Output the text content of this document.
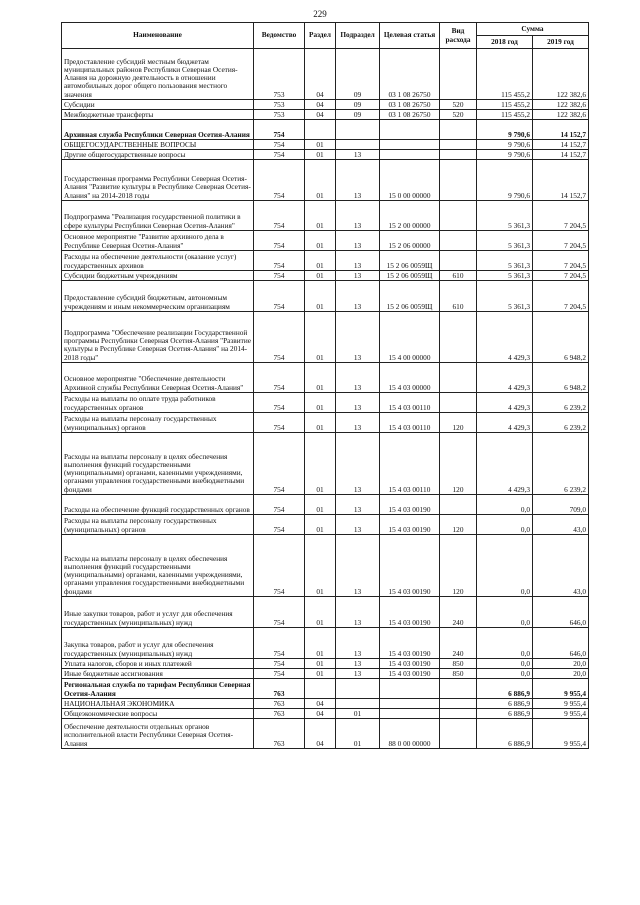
229
Наименование	Ведомство	Раздел	Подраздел	Целевая статья	Вид расхода	Сумма	
						2018 год	2019 год
Предоставление субсидий местным бюджетам муниципальных районов Республики Северная Осетия-Алания на дорожную деятельность в отношении автомобильных дорог общего пользования местного значения	753	04	09	03 1 08 26750		115 455,2	122 382,6
Субсидии	753	04	09	03 1 08 26750	520	115 455,2	122 382,6
Межбюджетные трансферты	753	04	09	03 1 08 26750	520	115 455,2	122 382,6
Архивная служба Республики Северная Осетия-Алания	754					9 790,6	14 152,7
ОБЩЕГОСУДАРСТВЕННЫЕ ВОПРОСЫ	754	01				9 790,6	14 152,7
Другие общегосударственные вопросы	754	01	13			9 790,6	14 152,7
Государственная программа Республики Северная Осетия-Алания "Развитие культуры в Республике Северная Осетия-Алания" на 2014-2018 годы	754	01	13	15 0 00 00000		9 790,6	14 152,7
Подпрограмма "Реализация государственной политики в сфере культуры Республики Северная Осетия-Алания"	754	01	13	15 2 00 00000		5 361,3	7 204,5
Основное мероприятие "Развитие архивного дела в Республике Северная Осетия-Алания"	754	01	13	15 2 06 00000		5 361,3	7 204,5
Расходы на обеспечение деятельности (оказание услуг) государственных архивов	754	01	13	15 2 06 0059Щ		5 361,3	7 204,5
Субсидии бюджетным учреждениям	754	01	13	15 2 06 0059Щ	610	5 361,3	7 204,5
Предоставление субсидий бюджетным, автономным учреждениям и иным некоммерческим организациям	754	01	13	15 2 06 0059Щ	610	5 361,3	7 204,5
Подпрограмма "Обеспечение реализации Государственной программы Республики Северная Осетия-Алания "Развитие культуры в Республике Северная Осетия-Алания" на 2014-2018 годы"	754	01	13	15 4 00 00000		4 429,3	6 948,2
Основное мероприятие "Обеспечение деятельности Архивной службы Республики Северная Осетия-Алания"	754	01	13	15 4 03 00000		4 429,3	6 948,2
Расходы на выплаты по оплате труда работников государственных органов	754	01	13	15 4 03 00110		4 429,3	6 239,2
Расходы на выплаты персоналу государственных (муниципальных) органов	754	01	13	15 4 03 00110	120	4 429,3	6 239,2
Расходы на выплаты персоналу в целях обеспечения выполнения функций государственными (муниципальными) органами, казенными учреждениями, органами управления государственными внебюджетными фондами	754	01	13	15 4 03 00110	120	4 429,3	6 239,2
Расходы на обеспечение функций государственных органов	754	01	13	15 4 03 00190		0,0	709,0
Расходы на выплаты персоналу государственных (муниципальных) органов	754	01	13	15 4 03 00190	120	0,0	43,0
Расходы на выплаты персоналу в целях обеспечения выполнения функций государственными (муниципальными) органами, казенными учреждениями, органами управления государственными внебюджетными фондами	754	01	13	15 4 03 00190	120	0,0	43,0
Иные закупки товаров, работ и услуг для обеспечения государственных (муниципальных) нужд	754	01	13	15 4 03 00190	240	0,0	646,0
Закупка товаров, работ и услуг для обеспечения государственных (муниципальных) нужд	754	01	13	15 4 03 00190	240	0,0	646,0
Уплата налогов, сборов и иных платежей	754	01	13	15 4 03 00190	850	0,0	20,0
Иные бюджетные ассигнования	754	01	13	15 4 03 00190	850	0,0	20,0
Региональная служба по тарифам Республики Северная Осетия-Алания	763					6 886,9	9 955,4
НАЦИОНАЛЬНАЯ ЭКОНОМИКА	763	04				6 886,9	9 955,4
Общеэкономические вопросы	763	04	01			6 886,9	9 955,4
Обеспечение деятельности отдельных органов исполнительной власти Республики Северная Осетия-Алания	763	04	01	88 0 00 00000		6 886,9	9 955,4
